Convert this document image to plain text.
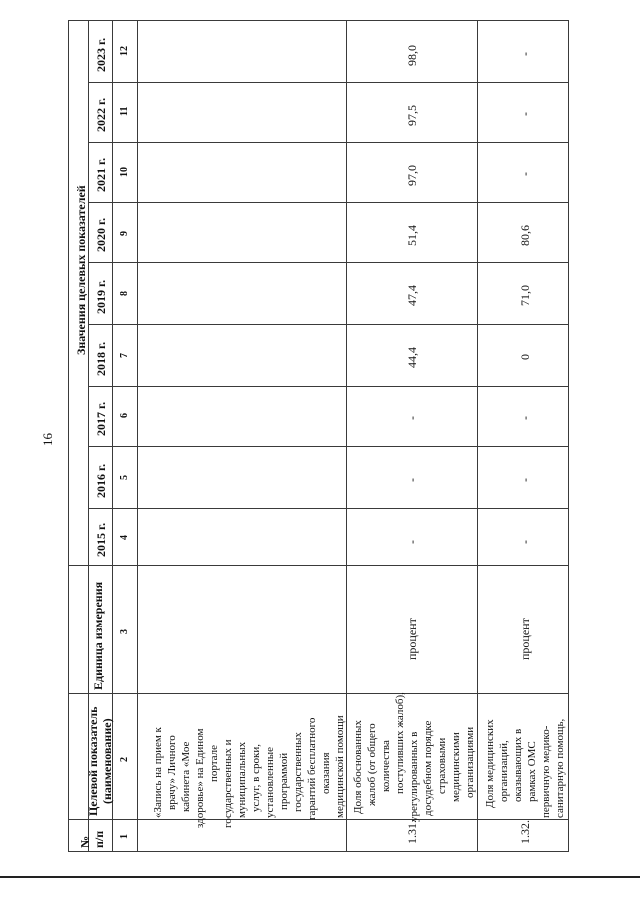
16
Значения целевых показателей
№ п/п
Целевой показатель (наименование)
Единица измерения
2015 г.
2016 г.
2017 г.
2018 г.
2019 г.
2020 г.
2021 г.
2022 г.
2023 г.
1
2
3
4
5
6
7
8
9
10
11
12
«Запись на прием к врачу» Личного кабинета «Мое здоровье» на Едином портале государственных и муниципальных услуг, в сроки, установленные программой государственных гарантий бесплатного оказания медицинской помощи
1.31.
Доля обоснованных жалоб (от общего количества поступивших жалоб), урегулированных в досудебном порядке страховыми медицинскими организациями
процент
-
-
-
44,4
47,4
51,4
97,0
97,5
98,0
1.32.
Доля медицинских организаций, оказывающих в рамках ОМС первичную медико- санитарную помощь,
процент
-
-
-
0
71,0
80,6
-
-
-
